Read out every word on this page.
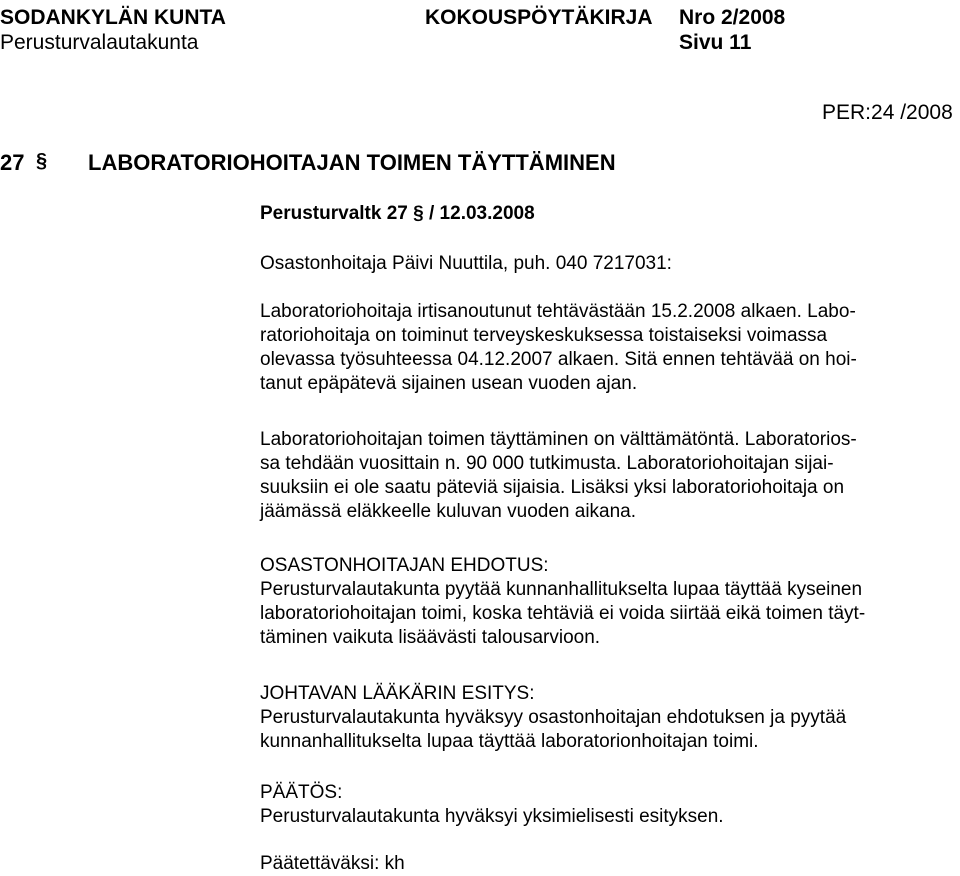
SODANKYLÄN KUNTA	KOKOUSPÖYTÄKIRJA Nro 2/2008
Perusturvalautakunta	Sivu 11
PER:24 /2008
27 § LABORATORIOHOITAJAN TOIMEN TÄYTTÄMINEN
Perusturvaltk 27 § / 12.03.2008
Osastonhoitaja Päivi Nuuttila, puh. 040 7217031:

Laboratoriohoitaja irtisanoutunut tehtävästään 15.2.2008 alkaen. Labo-

ratoriohoitaja on toiminut terveyskeskuksessa toistaiseksi voimassa

olevassa työsuhteessa 04.12.2007 alkaen. Sitä ennen tehtävää on hoi-

tanut epäpätevä sijainen usean vuoden ajan.

Laboratoriohoitajan toimen täyttäminen on välttämätöntä. Laboratorios-

sa tehdään vuosittain n. 90 000 tutkimusta. Laboratoriohoitajan sijai-

suuksiin ei ole saatu päteviä sijaisia. Lisäksi yksi laboratoriohoitaja on

jäämässä eläkkeelle kuluvan vuoden aikana.

OSASTONHOITAJAN EHDOTUS:

Perusturvalautakunta pyytää kunnanhallitukselta lupaa täyttää kyseinen

laboratoriohoitajan toimi, koska tehtäviä ei voida siirtää eikä toimen täyt-

täminen vaikuta lisäävästi talousarvioon.

JOHTAVAN LÄÄKÄRIN ESITYS:

Perusturvalautakunta hyväksyy osastonhoitajan ehdotuksen ja pyytää

kunnanhallitukselta lupaa täyttää laboratorionhoitajan toimi.

PÄÄTÖS:

Perusturvalautakunta hyväksyi yksimielisesti esityksen.

Päätettäväksi: kh
